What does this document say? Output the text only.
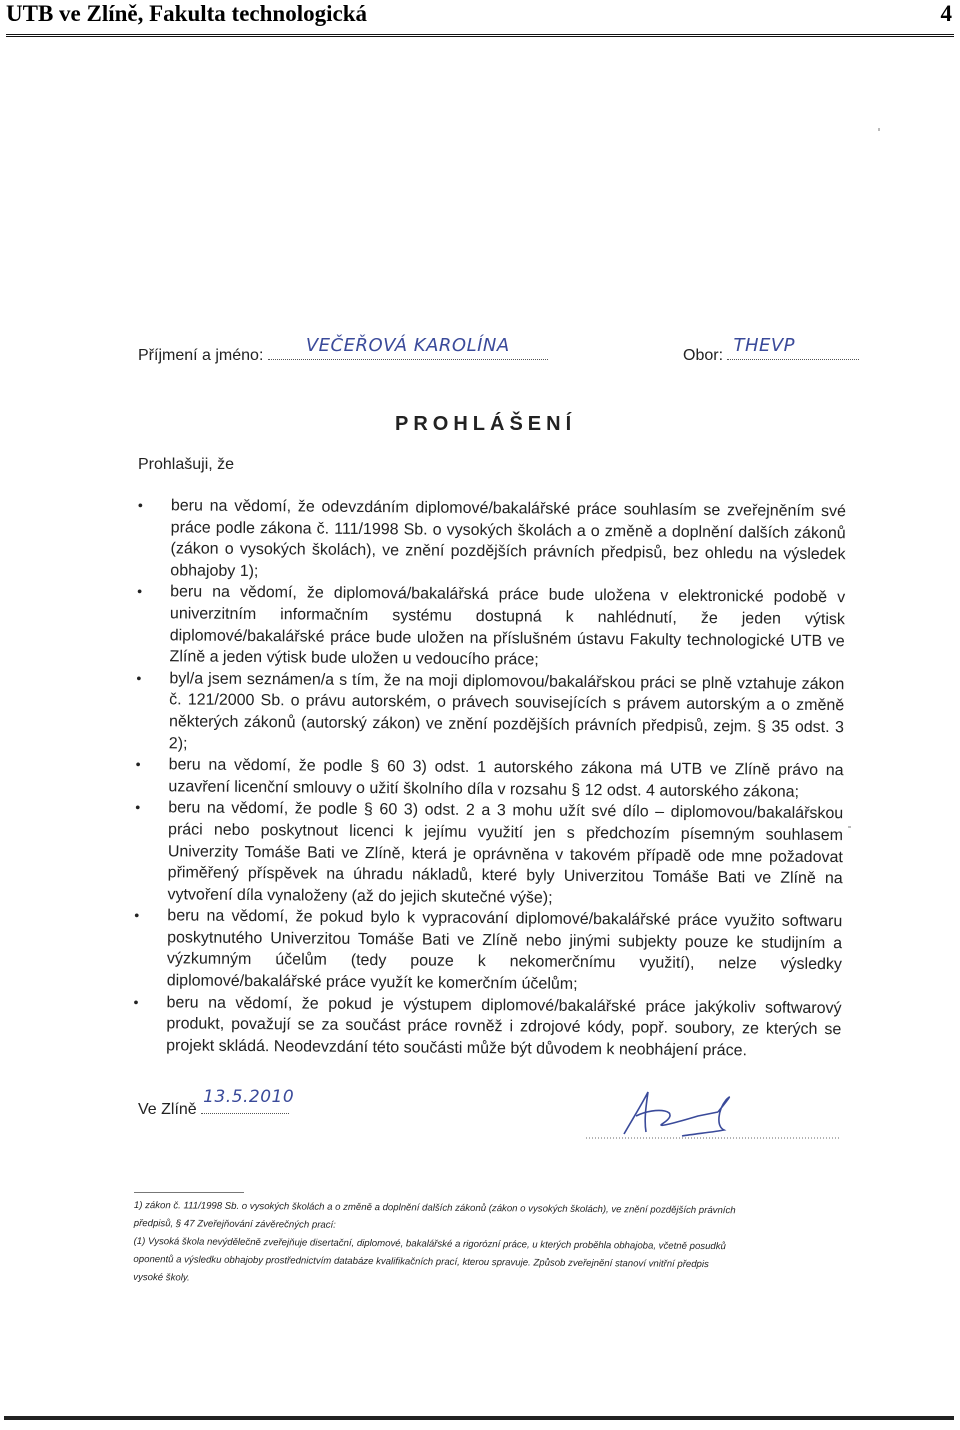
UTB ve Zlíně, Fakulta technologická	4
Příjmení a jméno: VEČEŘOVÁ KAROLÍNA	Obor: THEVP
PROHLÁŠENÍ
Prohlašuji, že
• beru na vědomí, že odevzdáním diplomové/bakalářské práce souhlasím se zveřejněním své práce podle zákona č. 111/1998 Sb. o vysokých školách a o změně a doplnění dalších zákonů (zákon o vysokých školách), ve znění pozdějších právních předpisů, bez ohledu na výsledek obhajoby 1);
• beru na vědomí, že diplomová/bakalářská práce bude uložena v elektronické podobě v univerzitním informačním systému dostupná k nahlédnutí, že jeden výtisk diplomové/bakalářské práce bude uložen na příslušném ústavu Fakulty technologické UTB ve Zlíně a jeden výtisk bude uložen u vedoucího práce;
• byl/a jsem seznámen/a s tím, že na moji diplomovou/bakalářskou práci se plně vztahuje zákon č. 121/2000 Sb. o právu autorském, o právech souvisejících s právem autorským a o změně některých zákonů (autorský zákon) ve znění pozdějších právních předpisů, zejm. § 35 odst. 3 2);
• beru na vědomí, že podle § 60 3) odst. 1 autorského zákona má UTB ve Zlíně právo na uzavření licenční smlouvy o užití školního díla v rozsahu § 12 odst. 4 autorského zákona;
• beru na vědomí, že podle § 60 3) odst. 2 a 3 mohu užít své dílo – diplomovou/bakalářskou práci nebo poskytnout licenci k jejímu využití jen s předchozím písemným souhlasem Univerzity Tomáše Bati ve Zlíně, která je oprávněna v takovém případě ode mne požadovat přiměřený příspěvek na úhradu nákladů, které byly Univerzitou Tomáše Bati ve Zlíně na vytvoření díla vynaloženy (až do jejich skutečné výše);
• beru na vědomí, že pokud bylo k vypracování diplomové/bakalářské práce využito softwaru poskytnutého Univerzitou Tomáše Bati ve Zlíně nebo jinými subjekty pouze ke studijním a výzkumným účelům (tedy pouze k nekomerčnímu využití), nelze výsledky diplomové/bakalářské práce využít ke komerčním účelům;
• beru na vědomí, že pokud je výstupem diplomové/bakalářské práce jakýkoliv softwarový produkt, považují se za součást práce rovněž i zdrojové kódy, popř. soubory, ze kterých se projekt skládá. Neodevzdání této součásti může být důvodem k neobhájení práce.
Ve Zlíně
13.5.2010
1) zákon č. 111/1998 Sb. o vysokých školách a o změně a doplnění dalších zákonů (zákon o vysokých školách), ve znění pozdějších právních
předpisů, § 47 Zveřejňování závěrečných prací:
(1) Vysoká škola nevýdělečně zveřejňuje disertační, diplomové, bakalářské a rigorózní práce, u kterých proběhla obhajoba, včetně posudků
oponentů a výsledku obhajoby prostřednictvím databáze kvalifikačních prací, kterou spravuje. Způsob zveřejnění stanoví vnitřní předpis
vysoké školy.
